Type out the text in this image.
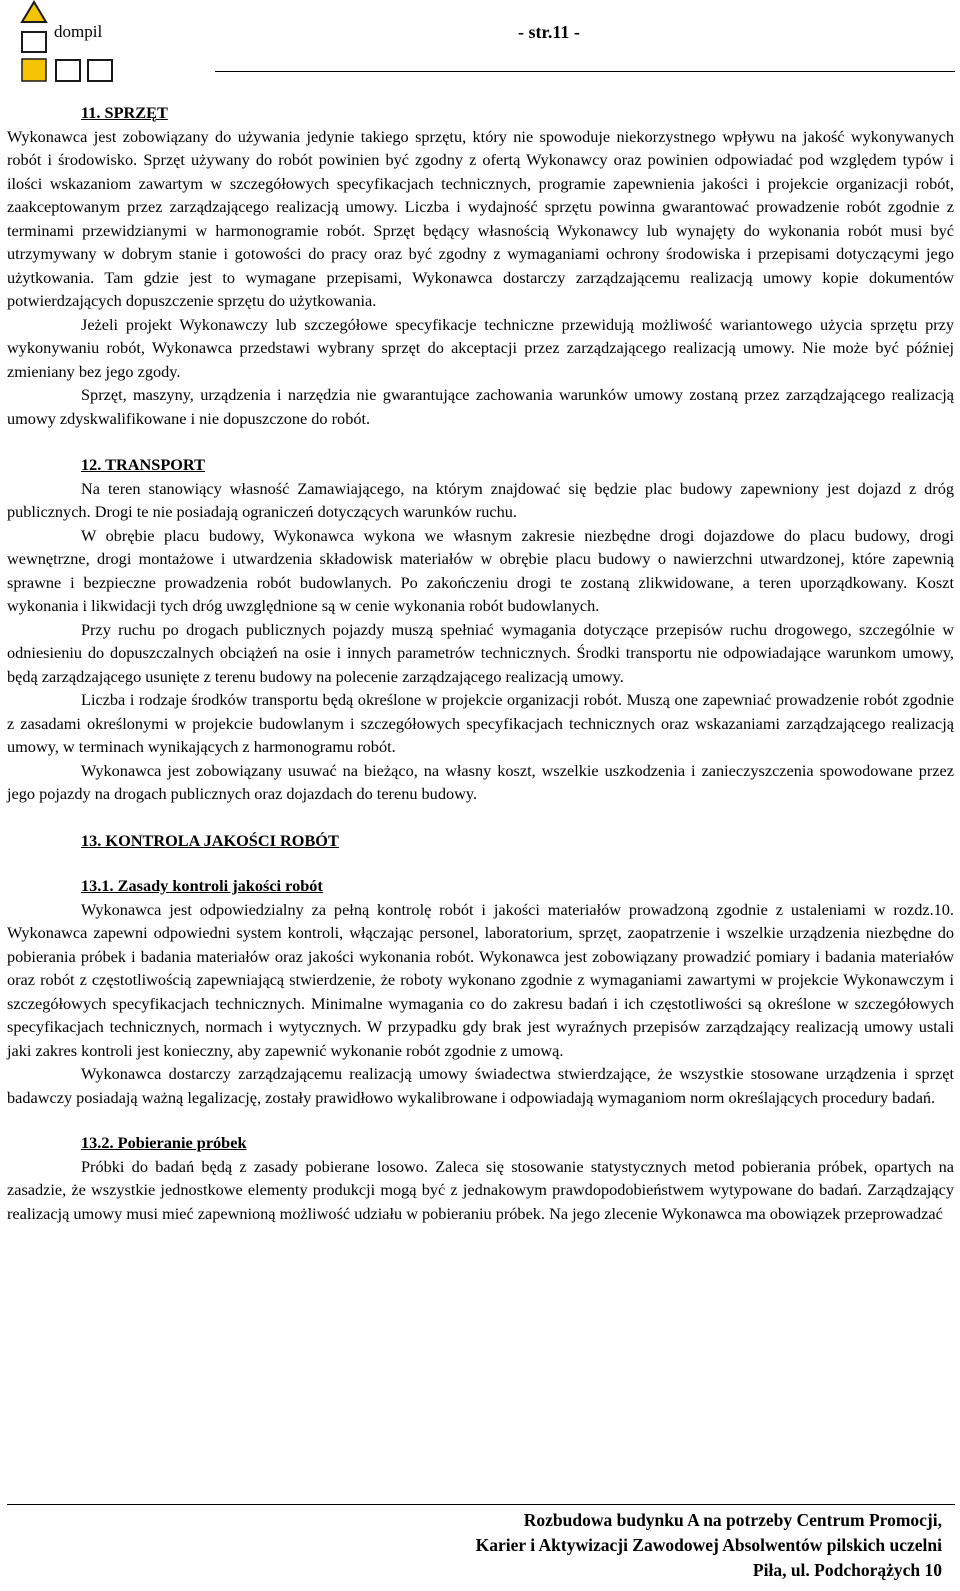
dompil	- str.11 -
11. SPRZĘT

Wykonawca jest zobowiązany do używania jedynie takiego sprzętu, który nie spowoduje niekorzystnego wpływu na jakość wykonywanych robót i środowisko. Sprzęt używany do robót powinien być zgodny z ofertą Wykonawcy oraz powinien odpowiadać pod względem typów i ilości wskazaniom zawartym w szczegółowych specyfikacjach technicznych, programie zapewnienia jakości i projekcie organizacji robót, zaakceptowanym przez zarządzającego realizacją umowy. Liczba i wydajność sprzętu powinna gwarantować prowadzenie robót zgodnie z terminami przewidzianymi w harmonogramie robót. Sprzęt będący własnością Wykonawcy lub wynajęty do wykonania robót musi być utrzymywany w dobrym stanie i gotowości do pracy oraz być zgodny z wymaganiami ochrony środowiska i przepisami dotyczącymi jego użytkowania. Tam gdzie jest to wymagane przepisami, Wykonawca dostarczy zarządzającemu realizacją umowy kopie dokumentów potwierdzających dopuszczenie sprzętu do użytkowania.

Jeżeli projekt Wykonawczy lub szczegółowe specyfikacje techniczne przewidują możliwość wariantowego użycia sprzętu przy wykonywaniu robót, Wykonawca przedstawi wybrany sprzęt do akceptacji przez zarządzającego realizacją umowy. Nie może być później zmieniany bez jego zgody.

Sprzęt, maszyny, urządzenia i narzędzia nie gwarantujące zachowania warunków umowy zostaną przez zarządzającego realizacją umowy zdyskwalifikowane i nie dopuszczone do robót.

12. TRANSPORT

Na teren stanowiący własność Zamawiającego, na którym znajdować się będzie plac budowy zapewniony jest dojazd z dróg publicznych. Drogi te nie posiadają ograniczeń dotyczących warunków ruchu.

W obrębie placu budowy, Wykonawca wykona we własnym zakresie niezbędne drogi dojazdowe do placu budowy, drogi wewnętrzne, drogi montażowe i utwardzenia składowisk materiałów w obrębie placu budowy o nawierzchni utwardzonej, które zapewnią sprawne i bezpieczne prowadzenia robót budowlanych. Po zakończeniu drogi te zostaną zlikwidowane, a teren uporządkowany. Koszt wykonania i likwidacji tych dróg uwzględnione są w cenie wykonania robót budowlanych.

Przy ruchu po drogach publicznych pojazdy muszą spełniać wymagania dotyczące przepisów ruchu drogowego, szczególnie w odniesieniu do dopuszczalnych obciążeń na osie i innych parametrów technicznych. Środki transportu nie odpowiadające warunkom umowy, będą zarządzającego usunięte z terenu budowy na polecenie zarządzającego realizacją umowy.

Liczba i rodzaje środków transportu będą określone w projekcie organizacji robót. Muszą one zapewniać prowadzenie robót zgodnie z zasadami określonymi w projekcie budowlanym i szczegółowych specyfikacjach technicznych oraz wskazaniami zarządzającego realizacją umowy, w terminach wynikających z harmonogramu robót.

Wykonawca jest zobowiązany usuwać na bieżąco, na własny koszt, wszelkie uszkodzenia i zanieczyszczenia spowodowane przez jego pojazdy na drogach publicznych oraz dojazdach do terenu budowy.

13. KONTROLA JAKOŚCI ROBÓT
13.1. Zasady kontroli jakości robót

Wykonawca jest odpowiedzialny za pełną kontrolę robót i jakości materiałów prowadzoną zgodnie z ustaleniami w rozdz.10. Wykonawca zapewni odpowiedni system kontroli, włączając personel, laboratorium, sprzęt, zaopatrzenie i wszelkie urządzenia niezbędne do pobierania próbek i badania materiałów oraz jakości wykonania robót. Wykonawca jest zobowiązany prowadzić pomiary i badania materiałów oraz robót z częstotliwością zapewniającą stwierdzenie, że roboty wykonano zgodnie z wymaganiami zawartymi w projekcie Wykonawczym i szczegółowych specyfikacjach technicznych. Minimalne wymagania co do zakresu badań i ich częstotliwości są określone w szczegółowych specyfikacjach technicznych, normach i wytycznych. W przypadku gdy brak jest wyraźnych przepisów zarządzający realizacją umowy ustali jaki zakres kontroli jest konieczny, aby zapewnić wykonanie robót zgodnie z umową.

Wykonawca dostarczy zarządzającemu realizacją umowy świadectwa stwierdzające, że wszystkie stosowane urządzenia i sprzęt badawczy posiadają ważną legalizację, zostały prawidłowo wykalibrowane i odpowiadają wymaganiom norm określających procedury badań.

13.2. Pobieranie próbek

Próbki do badań będą z zasady pobierane losowo. Zaleca się stosowanie statystycznych metod pobierania próbek, opartych na zasadzie, że wszystkie jednostkowe elementy produkcji mogą być z jednakowym prawdopodobieństwem wytypowane do badań. Zarządzający realizacją umowy musi mieć zapewnioną możliwość udziału w pobieraniu próbek. Na jego zlecenie Wykonawca ma obowiązek przeprowadzać

Rozbudowa budynku A na potrzeby Centrum Promocji,
Karier i Aktywizacji Zawodowej Absolwentów pilskich uczelni
Piła, ul. Podchorążych 10
